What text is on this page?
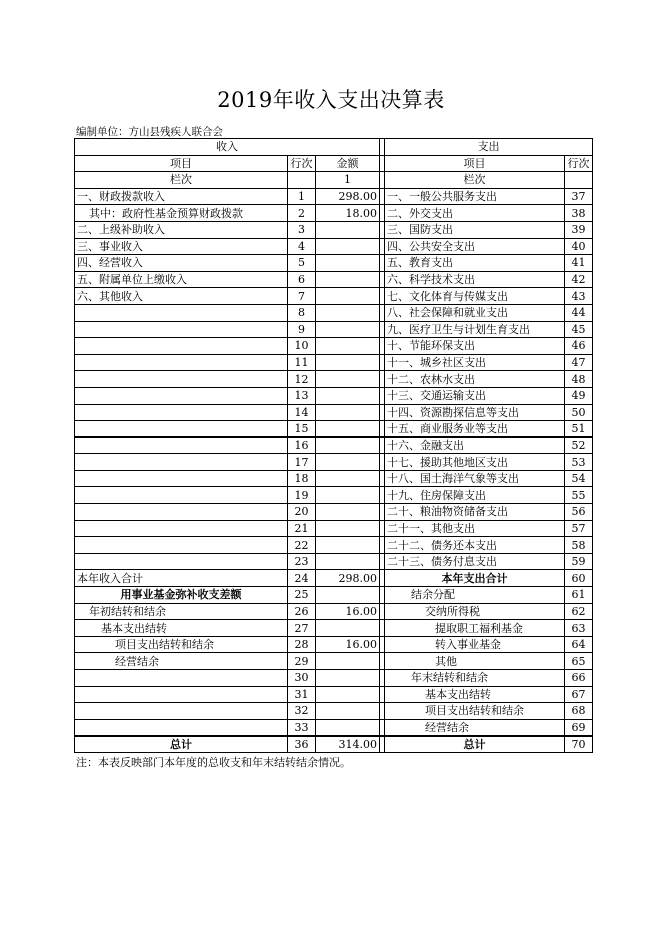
2019年收入支出决算表
编制单位：方山县残疾人联合会
收入				支出	
项目	行次	金额		项目	行次
栏次		1		栏次	
一、财政拨款收入	1	298.00		一、一般公共服务支出	37
其中：政府性基金预算财政拨款	2	18.00		二、外交支出	38
二、上级补助收入	3			三、国防支出	39
三、事业收入	4			四、公共安全支出	40
四、经营收入	5			五、教育支出	41
五、附属单位上缴收入	6			六、科学技术支出	42
六、其他收入	7			七、文化体育与传媒支出	43
	8			八、社会保障和就业支出	44
	9			九、医疗卫生与计划生育支出	45
	10			十、节能环保支出	46
	11			十一、城乡社区支出	47
	12			十二、农林水支出	48
	13			十三、交通运输支出	49
	14			十四、资源勘探信息等支出	50
	15			十五、商业服务业等支出	51
	16			十六、金融支出	52
	17			十七、援助其他地区支出	53
	18			十八、国土海洋气象等支出	54
	19			十九、住房保障支出	55
	20			二十、粮油物资储备支出	56
	21			二十一、其他支出	57
	22			二十二、债务还本支出	58
	23			二十三、债务付息支出	59
本年收入合计	24	298.00		本年支出合计	60
用事业基金弥补收支差额	25			结余分配	61
年初结转和结余	26	16.00		交纳所得税	62
基本支出结转	27			提取职工福利基金	63
项目支出结转和结余	28	16.00		转入事业基金	64
经营结余	29			其他	65
	30			年末结转和结余	66
	31			基本支出结转	67
	32			项目支出结转和结余	68
	33			经营结余	69
总计	36	314.00		总计	70
注：本表反映部门本年度的总收支和年末结转结余情况。
